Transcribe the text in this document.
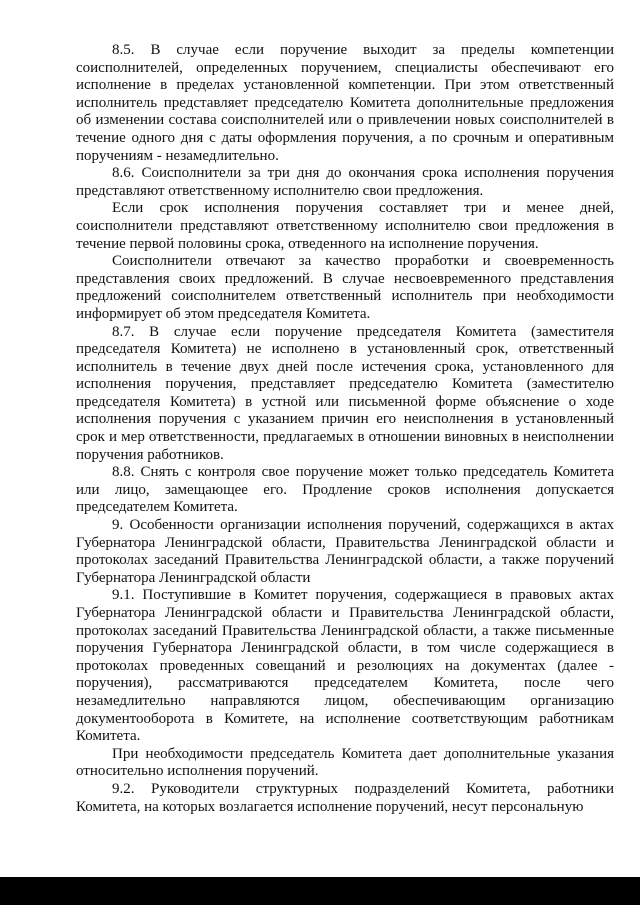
8.5. В случае если поручение выходит за пределы компетенции соисполнителей, определенных поручением, специалисты обеспечивают его исполнение в пределах установленной компетенции. При этом ответственный исполнитель представляет председателю Комитета дополнительные предложения об изменении состава соисполнителей или о привлечении новых соисполнителей в течение одного дня с даты оформления поручения, а по срочным и оперативным поручениям - незамедлительно.

8.6. Соисполнители за три дня до окончания срока исполнения поручения представляют ответственному исполнителю свои предложения.

Если срок исполнения поручения составляет три и менее дней, соисполнители представляют ответственному исполнителю свои предложения в течение первой половины срока, отведенного на исполнение поручения.

Соисполнители отвечают за качество проработки и своевременность представления своих предложений. В случае несвоевременного представления предложений соисполнителем ответственный исполнитель при необходимости информирует об этом председателя Комитета.

8.7. В случае если поручение председателя Комитета (заместителя председателя Комитета) не исполнено в установленный срок, ответственный исполнитель в течение двух дней после истечения срока, установленного для исполнения поручения, представляет председателю Комитета (заместителю председателя Комитета) в устной или письменной форме объяснение о ходе исполнения поручения с указанием причин его неисполнения в установленный срок и мер ответственности, предлагаемых в отношении виновных в неисполнении поручения работников.

8.8. Снять с контроля свое поручение может только председатель Комитета или лицо, замещающее его. Продление сроков исполнения допускается председателем Комитета.

9. Особенности организации исполнения поручений, содержащихся в актах Губернатора Ленинградской области, Правительства Ленинградской области и протоколах заседаний Правительства Ленинградской области, а также поручений Губернатора Ленинградской области

9.1. Поступившие в Комитет поручения, содержащиеся в правовых актах Губернатора Ленинградской области и Правительства Ленинградской области, протоколах заседаний Правительства Ленинградской области, а также письменные поручения Губернатора Ленинградской области, в том числе содержащиеся в протоколах проведенных совещаний и резолюциях на документах (далее - поручения), рассматриваются председателем Комитета, после чего незамедлительно направляются лицом, обеспечивающим организацию документооборота в Комитете, на исполнение соответствующим работникам Комитета.

При необходимости председатель Комитета дает дополнительные указания относительно исполнения поручений.

9.2. Руководители структурных подразделений Комитета, работники Комитета, на которых возлагается исполнение поручений, несут персональную
